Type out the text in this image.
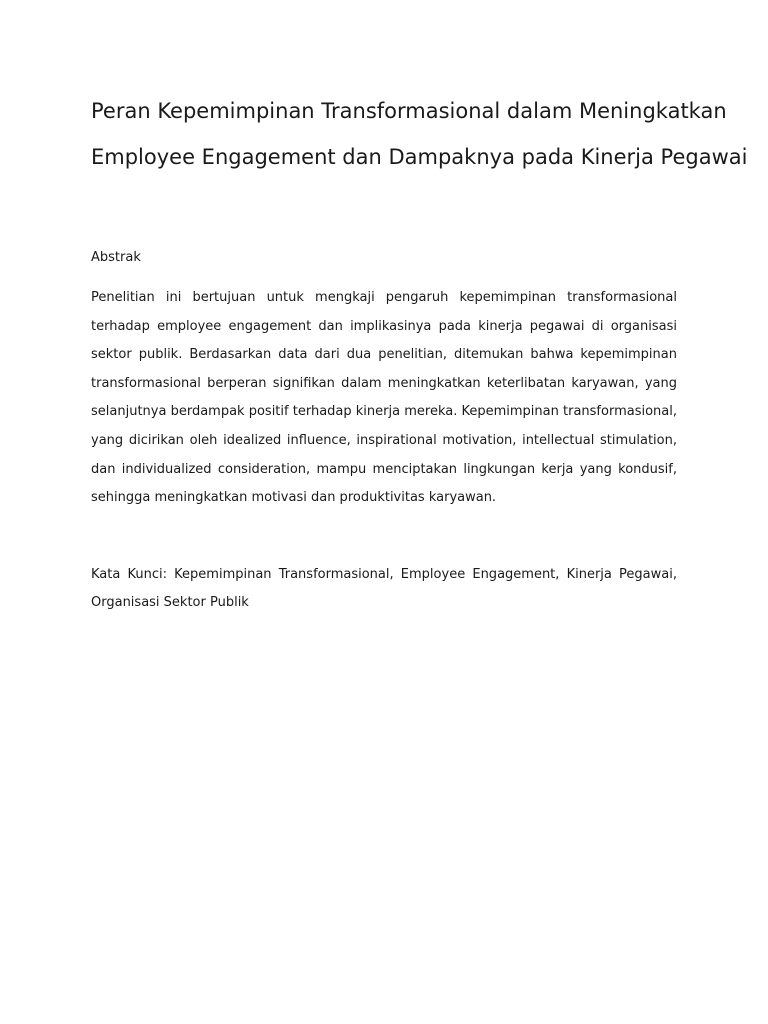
Peran Kepemimpinan Transformasional dalam Meningkatkan
Employee Engagement dan Dampaknya pada Kinerja Pegawai

Abstrak

Penelitian ini bertujuan untuk mengkaji pengaruh kepemimpinan transformasional terhadap employee engagement dan implikasinya pada kinerja pegawai di organisasi sektor publik. Berdasarkan data dari dua penelitian, ditemukan bahwa kepemimpinan transformasional berperan signifikan dalam meningkatkan keterlibatan karyawan, yang selanjutnya berdampak positif terhadap kinerja mereka. Kepemimpinan transformasional, yang dicirikan oleh idealized influence, inspirational motivation, intellectual stimulation, dan individualized consideration, mampu menciptakan lingkungan kerja yang kondusif, sehingga meningkatkan motivasi dan produktivitas karyawan.

Kata Kunci: Kepemimpinan Transformasional, Employee Engagement, Kinerja Pegawai, Organisasi Sektor Publik
